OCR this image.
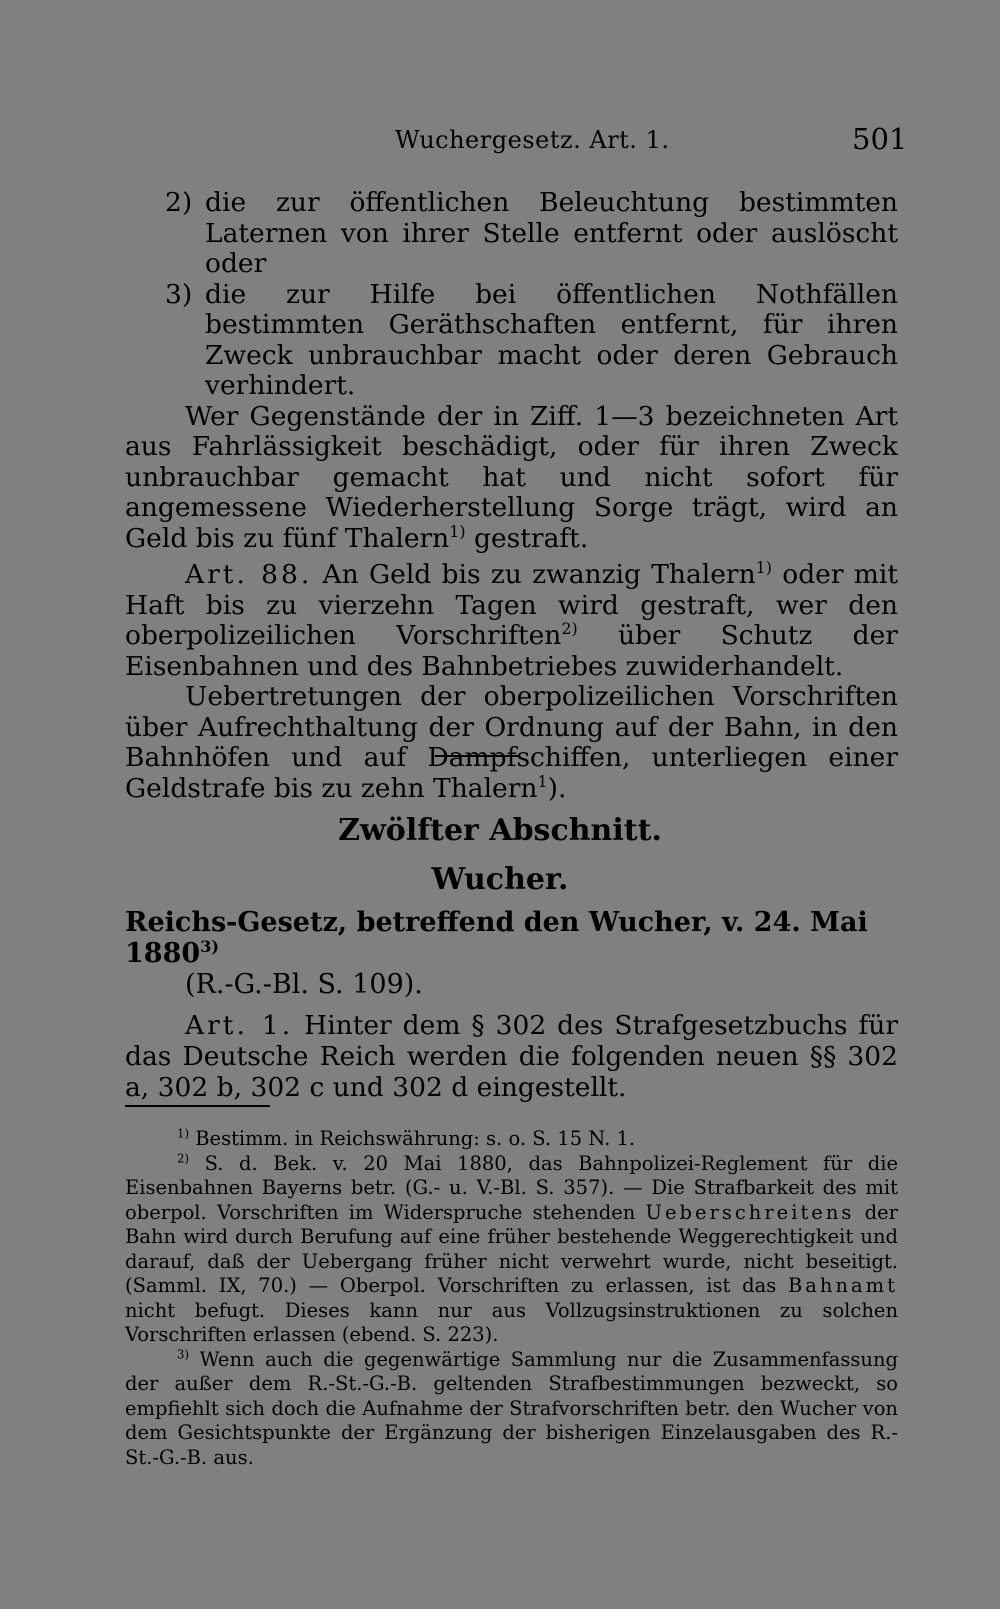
Wuchergesetz. Art. 1.	501
2) die zur öffentlichen Beleuchtung bestimmten Laternen von ihrer Stelle entfernt oder auslöscht oder
3) die zur Hilfe bei öffentlichen Nothfällen bestimmten Geräthschaften entfernt, für ihren Zweck unbrauchbar macht oder deren Gebrauch verhindert.

Wer Gegenstände der in Ziff. 1—3 bezeichneten Art aus Fahrlässigkeit beschädigt, oder für ihren Zweck unbrauchbar gemacht hat und nicht sofort für angemessene Wiederherstellung Sorge trägt, wird an Geld bis zu fünf Thalern$^{1)}$ gestraft.

Art. 88. An Geld bis zu zwanzig Thalern$^{1)}$ oder mit Haft bis zu vierzehn Tagen wird gestraft, wer den oberpolizeilichen Vorschriften$^{2)}$ über Schutz der Eisenbahnen und des Bahnbetriebes zuwiderhandelt.

Uebertretungen der oberpolizeilichen Vorschriften über Aufrechthaltung der Ordnung auf der Bahn, in den Bahnhöfen und auf Dampfschiffen, unterliegen einer Geldstrafe bis zu zehn Thalern$^1$).

Zwölfter Abschnitt.
Wucher.
Reichs-Gesetz, betreffend den Wucher, v. 24. Mai 1880$^{3)}$
(R.-G.-Bl. S. 109).

Art. 1. Hinter dem § 302 des Strafgesetzbuchs für das Deutsche Reich werden die folgenden neuen §§ 302 a, 302 b, 302 c und 302 d eingestellt.

$^{1)}$ Bestimm. in Reichswährung: s. o. S. 15 N. 1.

$^{2)}$ S. d. Bek. v. 20 Mai 1880, das Bahnpolizei-Reglement für die Eisenbahnen Bayerns betr. (G.- u. V.-Bl. S. 357). — Die Strafbarkeit des mit oberpol. Vorschriften im Widerspruche stehenden Ueberschreitens der Bahn wird durch Berufung auf eine früher bestehende Weggerechtigkeit und darauf, daß der Uebergang früher nicht verwehrt wurde, nicht beseitigt. (Samml. IX, 70.) — Oberpol. Vorschriften zu erlassen, ist das Bahnamt nicht befugt. Dieses kann nur aus Vollzugsinstruktionen zu solchen Vorschriften erlassen (ebend. S. 223).

$^{3)}$ Wenn auch die gegenwärtige Sammlung nur die Zusammenfassung der außer dem R.-St.-G.-B. geltenden Strafbestimmungen bezweckt, so empfiehlt sich doch die Aufnahme der Strafvorschriften betr. den Wucher von dem Gesichtspunkte der Ergänzung der bisherigen Einzelausgaben des R.-St.-G.-B. aus.
